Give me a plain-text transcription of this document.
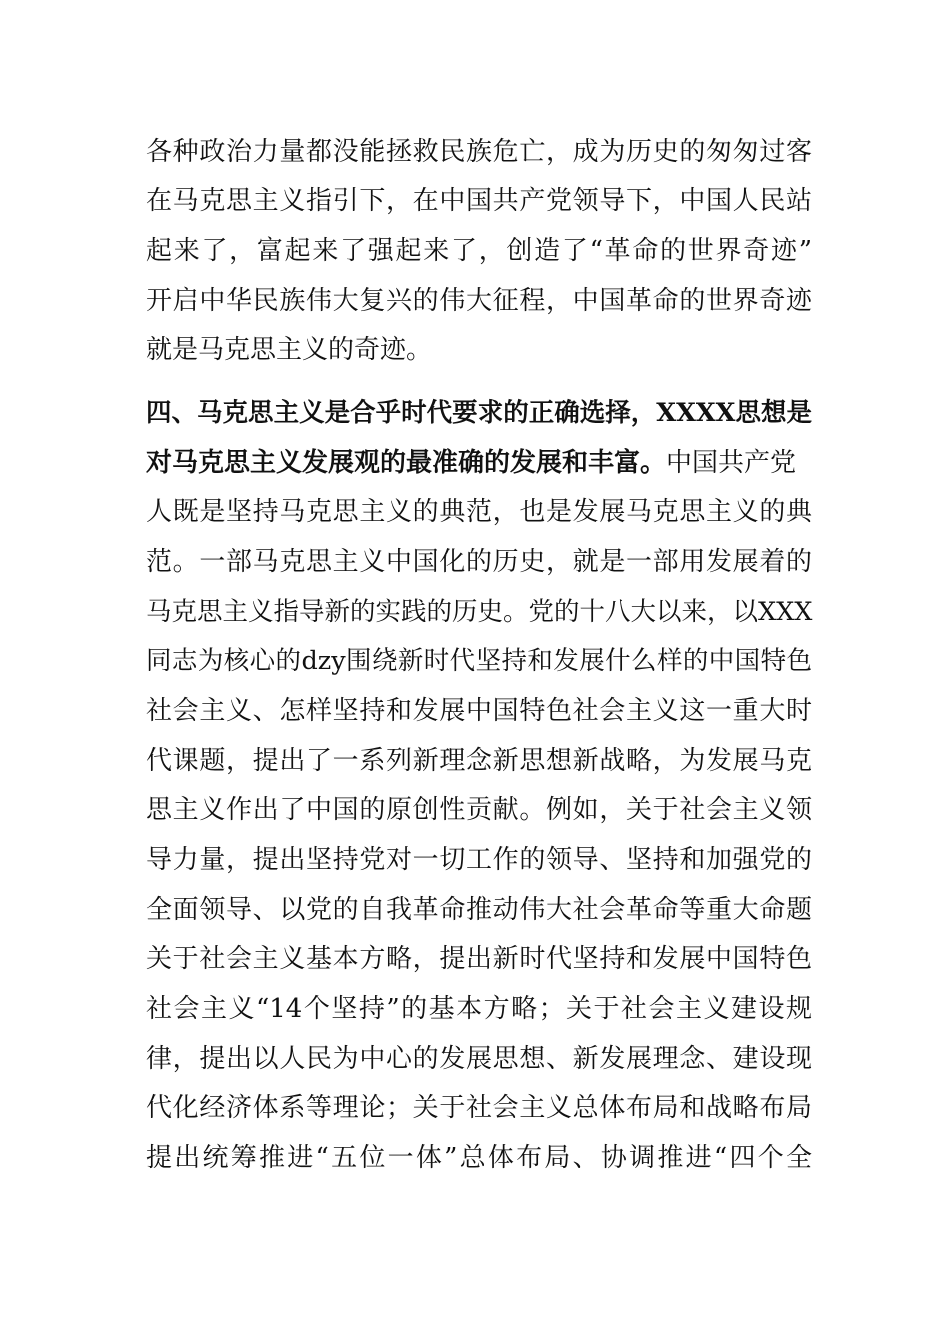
各种政治力量都没能拯救民族危亡，成为历史的匆匆过客
在马克思主义指引下，在中国共产党领导下，中国人民站
起来了，富起来了强起来了，创造了“革命的世界奇迹”
开启中华民族伟大复兴的伟大征程，中国革命的世界奇迹
就是马克思主义的奇迹。
四、马克思主义是合乎时代要求的正确选择，XXXX思想是
对马克思主义发展观的最准确的发展和丰富。中国共产党
人既是坚持马克思主义的典范，也是发展马克思主义的典
范。一部马克思主义中国化的历史，就是一部用发展着的
马克思主义指导新的实践的历史。党的十八大以来，以XXX
同志为核心的dzy围绕新时代坚持和发展什么样的中国特色
社会主义、怎样坚持和发展中国特色社会主义这一重大时
代课题，提出了一系列新理念新思想新战略，为发展马克
思主义作出了中国的原创性贡献。例如，关于社会主义领
导力量，提出坚持党对一切工作的领导、坚持和加强党的
全面领导、以党的自我革命推动伟大社会革命等重大命题
关于社会主义基本方略，提出新时代坚持和发展中国特色
社会主义“14个坚持”的基本方略；关于社会主义建设规
律，提出以人民为中心的发展思想、新发展理念、建设现
代化经济体系等理论；关于社会主义总体布局和战略布局
提出统筹推进“五位一体”总体布局、协调推进“四个全
